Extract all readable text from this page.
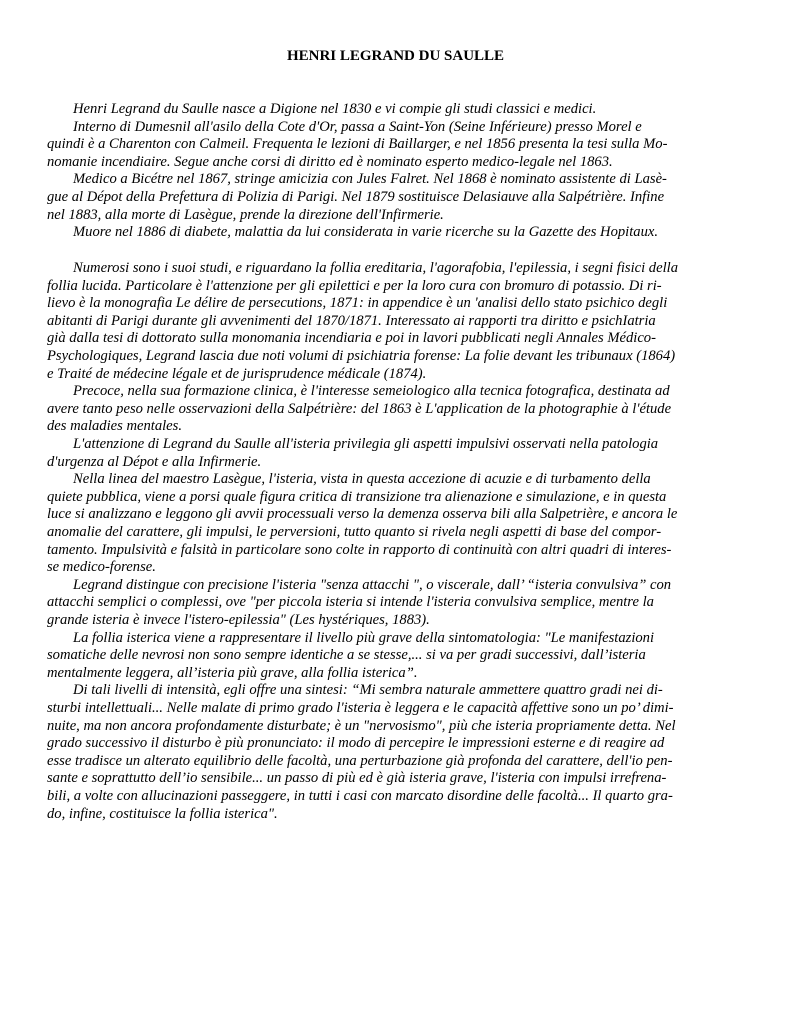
HENRI LEGRAND DU SAULLE

Henri Legrand du Saulle nasce a Digione nel 1830 e vi compie gli studi classici e medici.

Interno di Dumesnil all'asilo della Cote d'Or, passa a Saint-Yon (Seine Inférieure) presso Morel e

quindi è a Charenton con Calmeil. Frequenta le lezioni di Baillarger, e nel 1856 presenta la tesi sulla Mo-

nomanie incendiaire. Segue anche corsi di diritto ed è nominato esperto medico-legale nel 1863.

Medico a Bicétre nel 1867, stringe amicizia con Jules Falret. Nel 1868 è nominato assistente di Lasè-

gue al Dépot della Prefettura di Polizia di Parigi. Nel 1879 sostituisce Delasiauve alla Salpétrière. Infine

nel 1883, alla morte di Lasègue, prende la direzione dell'Infirmerie.

Muore nel 1886 di diabete, malattia da lui considerata in varie ricerche su la Gazette des Hopitaux.

Numerosi sono i suoi studi, e riguardano la follia ereditaria, l'agorafobia, l'epilessia, i segni fisici della

follia lucida. Particolare è l'attenzione per gli epilettici e per la loro cura con bromuro di potassio. Di ri-

lievo è la monografia Le délire de persecutions, 1871: in appendice è un 'analisi dello stato psichico degli

abitanti di Parigi durante gli avvenimenti del 1870/1871. Interessato ai rapporti tra diritto e psichIatria

già dalla tesi di dottorato sulla monomania incendiaria e poi in lavori pubblicati negli Annales Médico-

Psychologiques, Legrand lascia due noti volumi di psichiatria forense: La folie devant les tribunaux (1864)

e Traité de médecine légale et de jurisprudence médicale (1874).

Precoce, nella sua formazione clinica, è l'interesse semeiologico alla tecnica fotografica, destinata ad

avere tanto peso nelle osservazioni della Salpétrière: del 1863 è L'application de la photographie à l'étude

des maladies mentales.

L'attenzione di Legrand du Saulle all'isteria privilegia gli aspetti impulsivi osservati nella patologia

d'urgenza al Dépot e alla Infirmerie.

Nella linea del maestro Lasègue, l'isteria, vista in questa accezione di acuzie e di turbamento della

quiete pubblica, viene a porsi quale figura critica di transizione tra alienazione e simulazione, e in questa

luce si analizzano e leggono gli avvii processuali verso la demenza osserva bili alla Salpetrière, e ancora le

anomalie del carattere, gli impulsi, le perversioni, tutto quanto si rivela negli aspetti di base del compor-

tamento. Impulsività e falsità in particolare sono colte in rapporto di continuità con altri quadri di interes-

se medico-forense.

Legrand distingue con precisione l'isteria "senza attacchi ", o viscerale, dall’ “isteria convulsiva” con

attacchi semplici o complessi, ove "per piccola isteria si intende l'isteria convulsiva semplice, mentre la

grande isteria è invece l'istero-epilessia" (Les hystériques, 1883).

La follia isterica viene a rappresentare il livello più grave della sintomatologia: "Le manifestazioni

somatiche delle nevrosi non sono sempre identiche a se stesse,... si va per gradi successivi, dall’isteria

mentalmente leggera, all’isteria più grave, alla follia isterica”.

Di tali livelli di intensità, egli offre una sintesi: “Mi sembra naturale ammettere quattro gradi nei di-

sturbi intellettuali... Nelle malate di primo grado l'isteria è leggera e le capacità affettive sono un po’ dimi-

nuite, ma non ancora profondamente disturbate; è un "nervosismo", più che isteria propriamente detta. Nel

grado successivo il disturbo è più pronunciato: il modo di percepire le impressioni esterne e di reagire ad

esse tradisce un alterato equilibrio delle facoltà, una perturbazione già profonda del carattere, dell'io pen-

sante e soprattutto dell’io sensibile... un passo di più ed è già isteria grave, l'isteria con impulsi irrefrena-

bili, a volte con allucinazioni passeggere, in tutti i casi con marcato disordine delle facoltà... Il quarto gra-

do, infine, costituisce la follia isterica".
